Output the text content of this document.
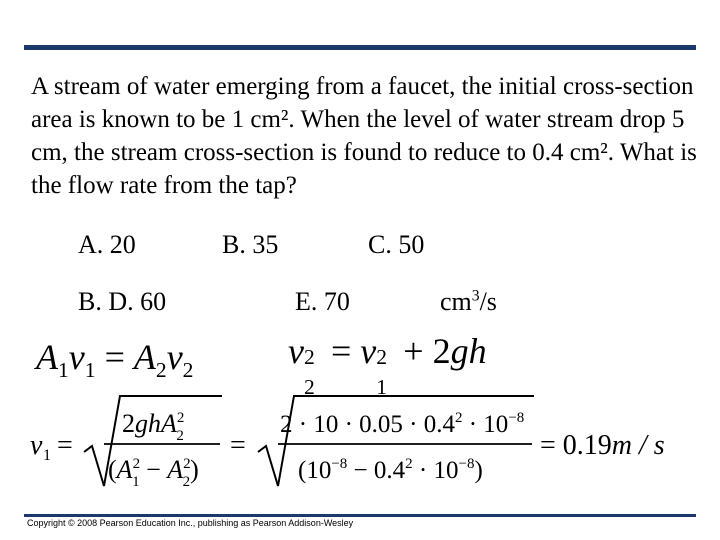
A stream of water emerging from a faucet, the initial cross-section area is known to be 1 cm². When the level of water stream drop 5 cm, the stream cross-section is found to reduce to 0.4 cm². What is the flow rate from the tap?
A. 20	B. 35	C. 50
B. D. 60	E. 70	$cm^3/s$
$A_1v_1 = A_2v_2$	v 2
2
= v 2
1
+ 2gh
v 1 =
2ghA$^2$ 2
($A^2$ $1 - A^2$ 2)
=
$2 \cdot 10 \cdot 0.05 \cdot 0.4^2 \cdot 10^{-8}$
$(10^{-8} - 0.4^2 \cdot 10^{-8})$
= 0.19m / s
Copyright © 2008 Pearson Education Inc., publishing as Pearson Addison-Wesley
